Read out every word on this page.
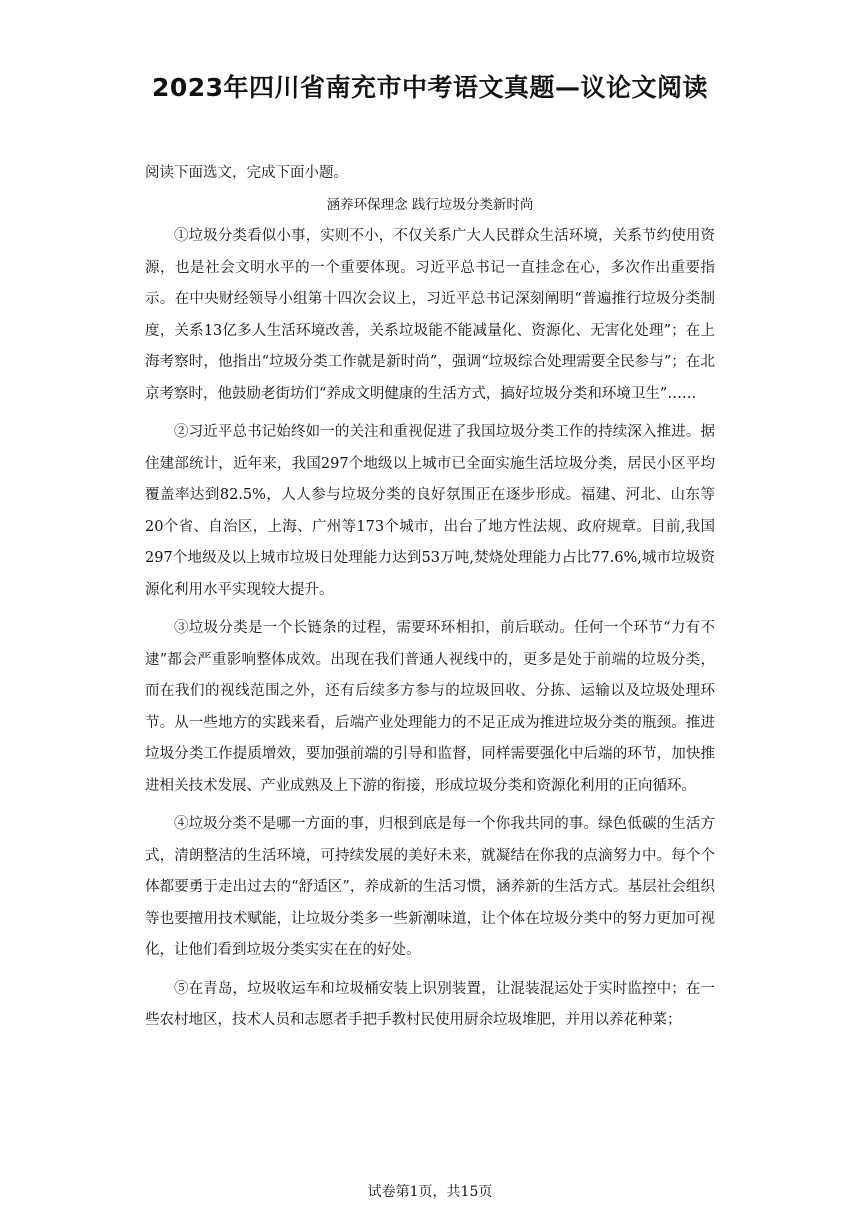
2023年四川省南充市中考语文真题—议论文阅读

阅读下面选文，完成下面小题。

涵养环保理念 践行垃圾分类新时尚

①垃圾分类看似小事，实则不小，不仅关系广大人民群众生活环境，关系节约使用资源，也是社会文明水平的一个重要体现。习近平总书记一直挂念在心，多次作出重要指示。在中央财经领导小组第十四次会议上，习近平总书记深刻阐明“普遍推行垃圾分类制度，关系13亿多人生活环境改善，关系垃圾能不能减量化、资源化、无害化处理”；在上海考察时，他指出“垃圾分类工作就是新时尚”，强调“垃圾综合处理需要全民参与”；在北京考察时，他鼓励老街坊们“养成文明健康的生活方式，搞好垃圾分类和环境卫生”……

②习近平总书记始终如一的关注和重视促进了我国垃圾分类工作的持续深入推进。据住建部统计，近年来，我国297个地级以上城市已全面实施生活垃圾分类，居民小区平均覆盖率达到82.5%，人人参与垃圾分类的良好氛围正在逐步形成。福建、河北、山东等20个省、自治区，上海、广州等173个城市，出台了地方性法规、政府规章。目前,我国297个地级及以上城市垃圾日处理能力达到53万吨,焚烧处理能力占比77.6%,城市垃圾资源化利用水平实现较大提升。

③垃圾分类是一个长链条的过程，需要环环相扣，前后联动。任何一个环节“力有不逮”都会严重影响整体成效。出现在我们普通人视线中的，更多是处于前端的垃圾分类，而在我们的视线范围之外，还有后续多方参与的垃圾回收、分拣、运输以及垃圾处理环节。从一些地方的实践来看，后端产业处理能力的不足正成为推进垃圾分类的瓶颈。推进垃圾分类工作提质增效，要加强前端的引导和监督，同样需要强化中后端的环节，加快推进相关技术发展、产业成熟及上下游的衔接，形成垃圾分类和资源化利用的正向循环。

④垃圾分类不是哪一方面的事，归根到底是每一个你我共同的事。绿色低碳的生活方式，清朗整洁的生活环境，可持续发展的美好未来，就凝结在你我的点滴努力中。每个个体都要勇于走出过去的“舒适区”，养成新的生活习惯，涵养新的生活方式。基层社会组织等也要擅用技术赋能，让垃圾分类多一些新潮味道，让个体在垃圾分类中的努力更加可视化，让他们看到垃圾分类实实在在的好处。

⑤在青岛，垃圾收运车和垃圾桶安装上识别装置，让混装混运处于实时监控中；在一些农村地区，技术人员和志愿者手把手教村民使用厨余垃圾堆肥，并用以养花种菜；

试卷第1页，共15页
